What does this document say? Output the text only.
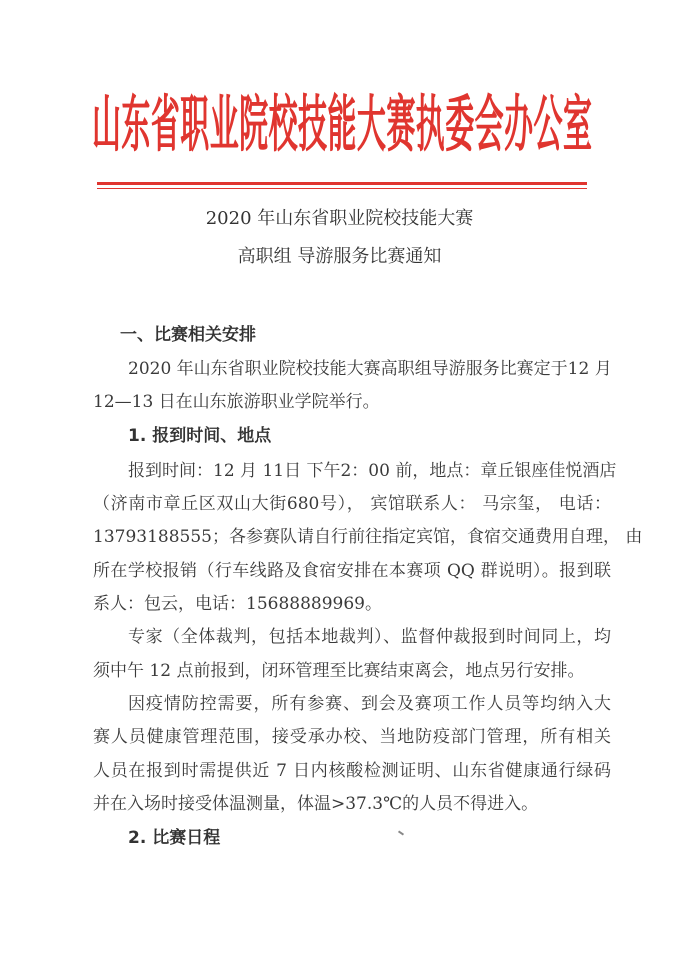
山东省职业院校技能大赛执委会办公室
2020 年山东省职业院校技能大赛
高职组 导游服务比赛通知
一、比赛相关安排
2020 年山东省职业院校技能大赛高职组导游服务比赛定于12 月
12—13 日在山东旅游职业学院举行。
1. 报到时间、地点
报到时间：12 月 11日 下午2：00 前，地点：章丘银座佳悦酒店
（济南市章丘区双山大街680号）， 宾馆联系人： 马宗玺， 电话：
13793188555；各参赛队请自行前往指定宾馆，食宿交通费用自理， 由
所在学校报销（行车线路及食宿安排在本赛项 QQ 群说明）。报到联
系人：包云，电话：15688889969。
专家（全体裁判，包括本地裁判）、监督仲裁报到时间同上，均
须中午 12 点前报到，闭环管理至比赛结束离会，地点另行安排。
因疫情防控需要，所有参赛、到会及赛项工作人员等均纳入大
赛人员健康管理范围，接受承办校、当地防疫部门管理，所有相关
人员在报到时需提供近 7 日内核酸检测证明、山东省健康通行绿码
并在入场时接受体温测量，体温>37.3℃的人员不得进入。
2. 比赛日程
